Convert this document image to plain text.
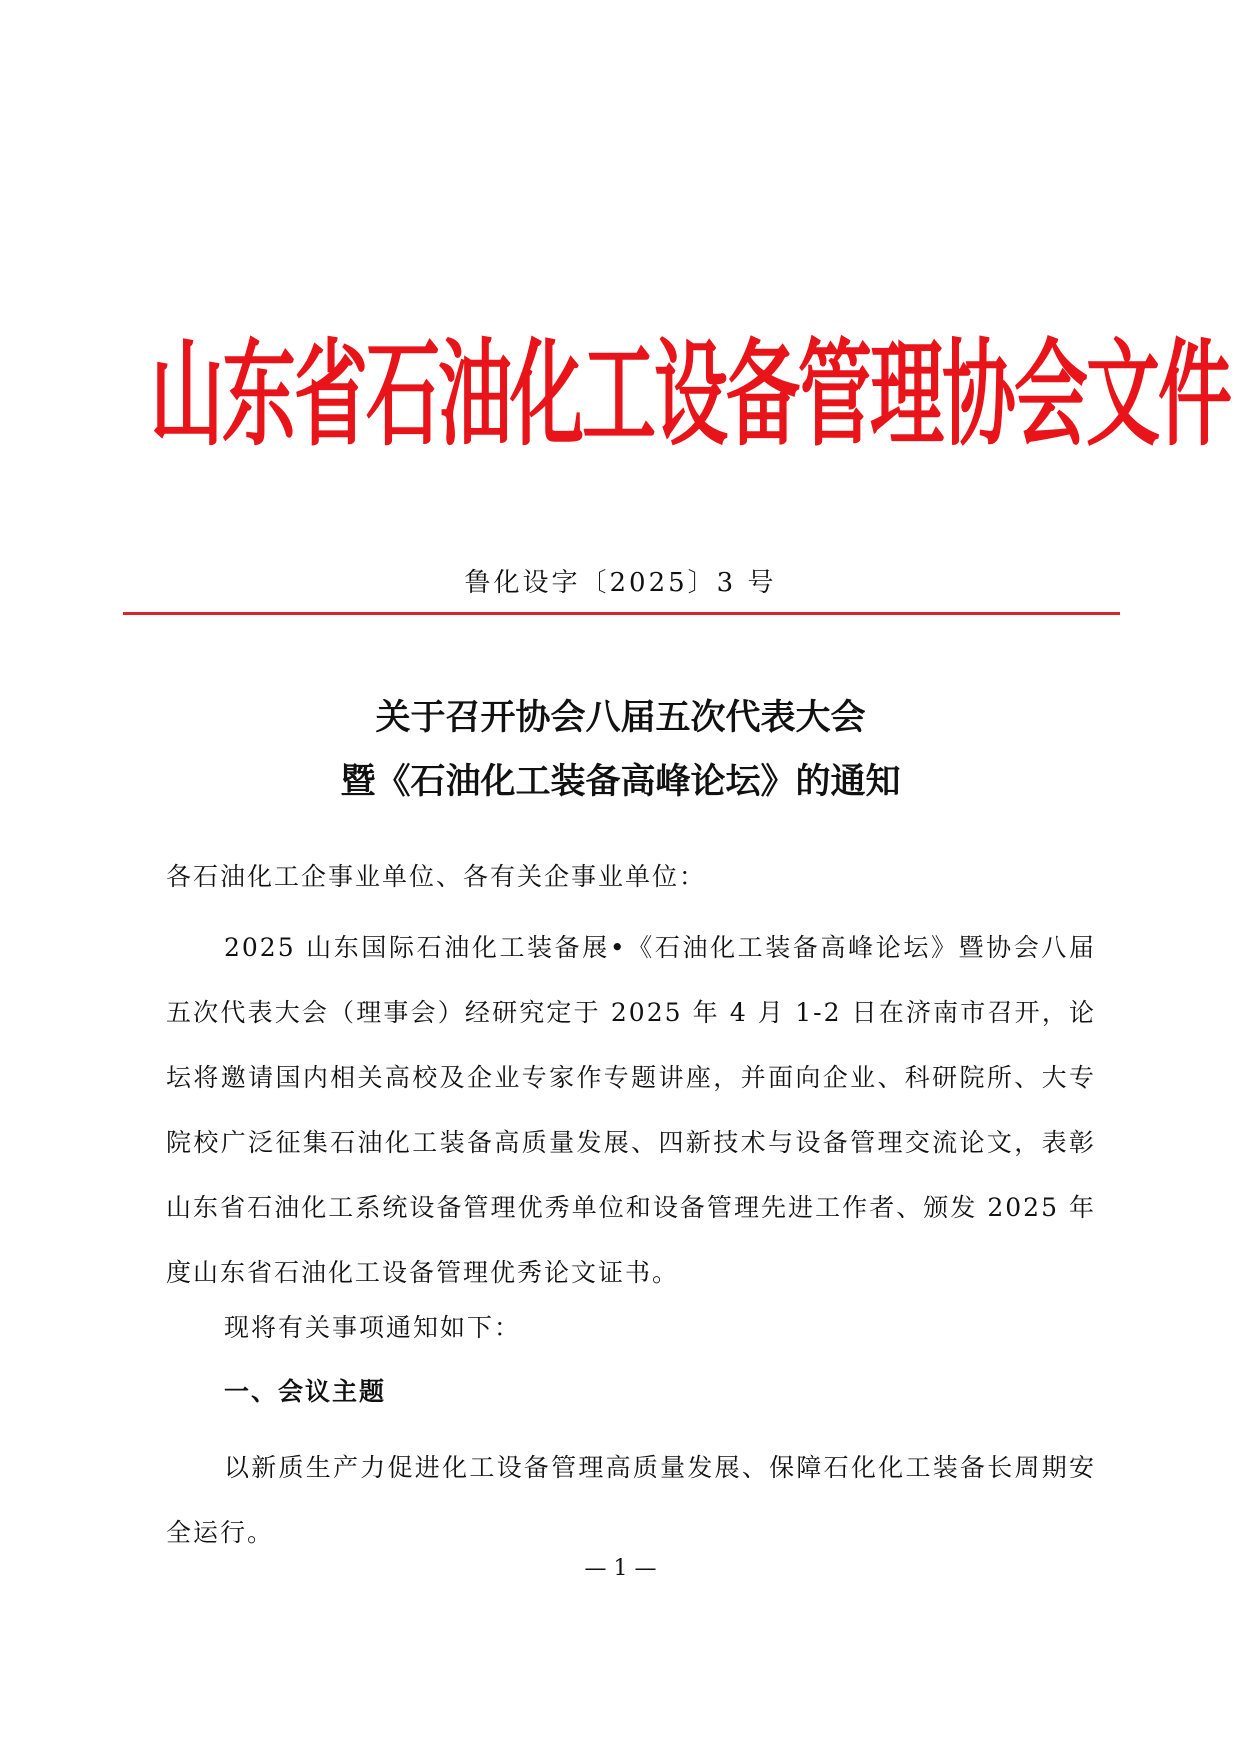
山东省石油化工设备管理协会文件
鲁化设字〔2025〕3 号
关于召开协会八届五次代表大会
暨《石油化工装备高峰论坛》的通知
各石油化工企事业单位、各有关企事业单位：
2025 山东国际石油化工装备展•《石油化工装备高峰论坛》暨协会八届五次代表大会（理事会）经研究定于 2025 年 4 月 1-2 日在济南市召开，论坛将邀请国内相关高校及企业专家作专题讲座，并面向企业、科研院所、大专院校广泛征集石油化工装备高质量发展、四新技术与设备管理交流论文，表彰山东省石油化工系统设备管理优秀单位和设备管理先进工作者、颁发 2025 年度山东省石油化工设备管理优秀论文证书。
现将有关事项通知如下：
一、会议主题
以新质生产力促进化工设备管理高质量发展、保障石化化工装备长周期安全运行。
— 1 —
